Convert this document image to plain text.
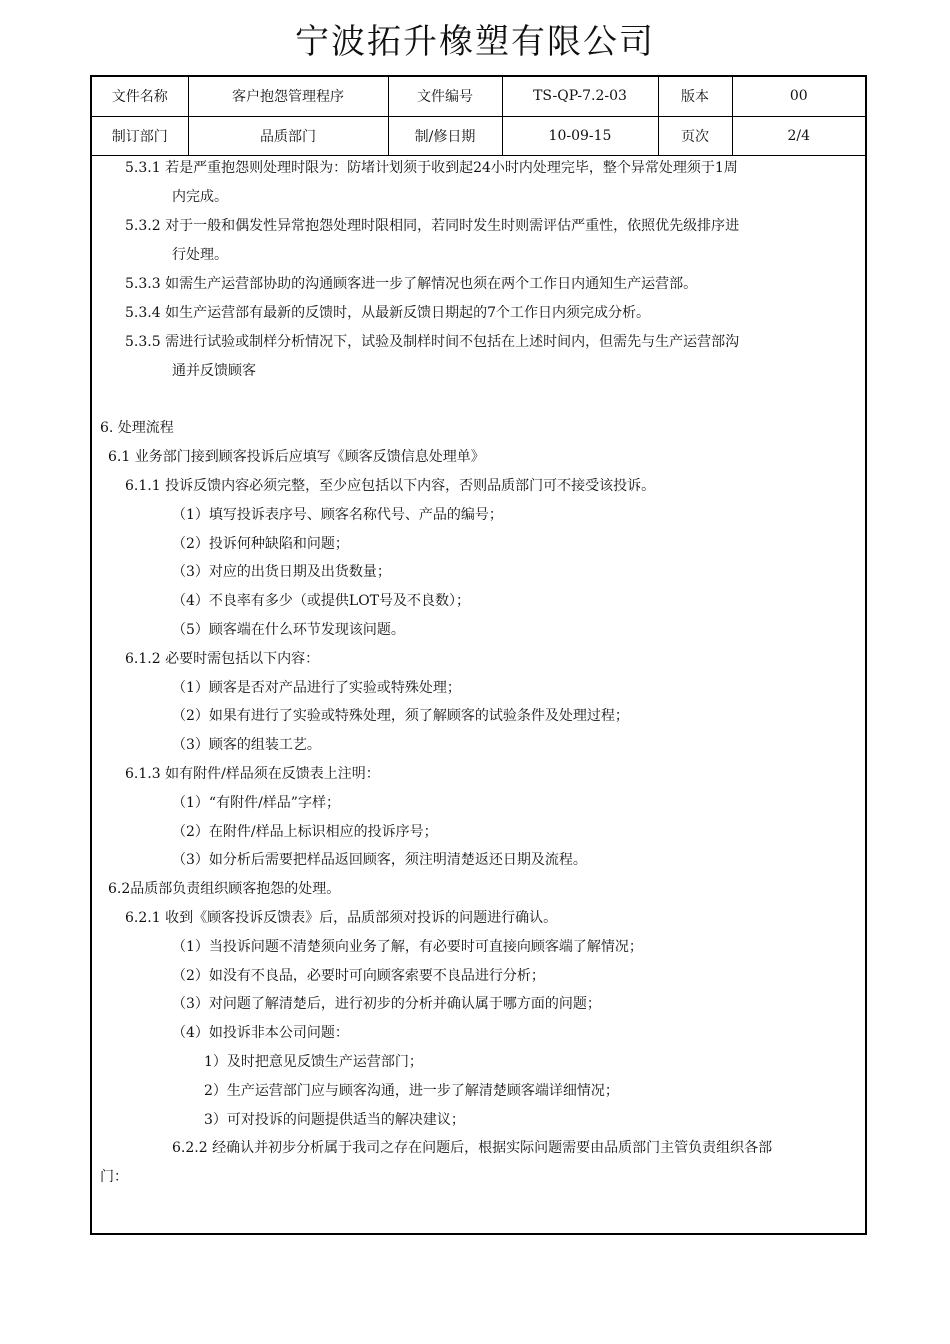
宁波拓升橡塑有限公司
文件名称	客户抱怨管理程序	文件编号	TS-QP-7.2-03	版本	00
制订部门	品质部门	制/修日期	10-09-15	页次	2/4
5.3.1 若是严重抱怨则处理时限为：防堵计划须于收到起24小时内处理完毕，整个异常处理须于1周
内完成。
5.3.2 对于一般和偶发性异常抱怨处理时限相同，若同时发生时则需评估严重性，依照优先级排序进
行处理。
5.3.3 如需生产运营部协助的沟通顾客进一步了解情况也须在两个工作日内通知生产运营部。
5.3.4 如生产运营部有最新的反馈时，从最新反馈日期起的7个工作日内须完成分析。
5.3.5 需进行试验或制样分析情况下，试验及制样时间不包括在上述时间内，但需先与生产运营部沟
通并反馈顾客
6. 处理流程
6.1 业务部门接到顾客投诉后应填写《顾客反馈信息处理单》
6.1.1 投诉反馈内容必须完整，至少应包括以下内容，否则品质部门可不接受该投诉。
（1）填写投诉表序号、顾客名称代号、产品的编号；
（2）投诉何种缺陷和问题；
（3）对应的出货日期及出货数量；
（4）不良率有多少（或提供LOT号及不良数）；
（5）顾客端在什么环节发现该问题。
6.1.2 必要时需包括以下内容：
（1）顾客是否对产品进行了实验或特殊处理；
（2）如果有进行了实验或特殊处理，须了解顾客的试验条件及处理过程；
（3）顾客的组装工艺。
6.1.3 如有附件/样品须在反馈表上注明：
（1）“有附件/样品”字样；
（2）在附件/样品上标识相应的投诉序号；
（3）如分析后需要把样品返回顾客，须注明清楚返还日期及流程。
6.2品质部负责组织顾客抱怨的处理。
6.2.1 收到《顾客投诉反馈表》后，品质部须对投诉的问题进行确认。
（1）当投诉问题不清楚须向业务了解，有必要时可直接向顾客端了解情况；
（2）如没有不良品，必要时可向顾客索要不良品进行分析；
（3）对问题了解清楚后，进行初步的分析并确认属于哪方面的问题；
（4）如投诉非本公司问题：
1）及时把意见反馈生产运营部门；
2）生产运营部门应与顾客沟通，进一步了解清楚顾客端详细情况；
3）可对投诉的问题提供适当的解决建议；
6.2.2 经确认并初步分析属于我司之存在问题后，根据实际问题需要由品质部门主管负责组织各部
门：
